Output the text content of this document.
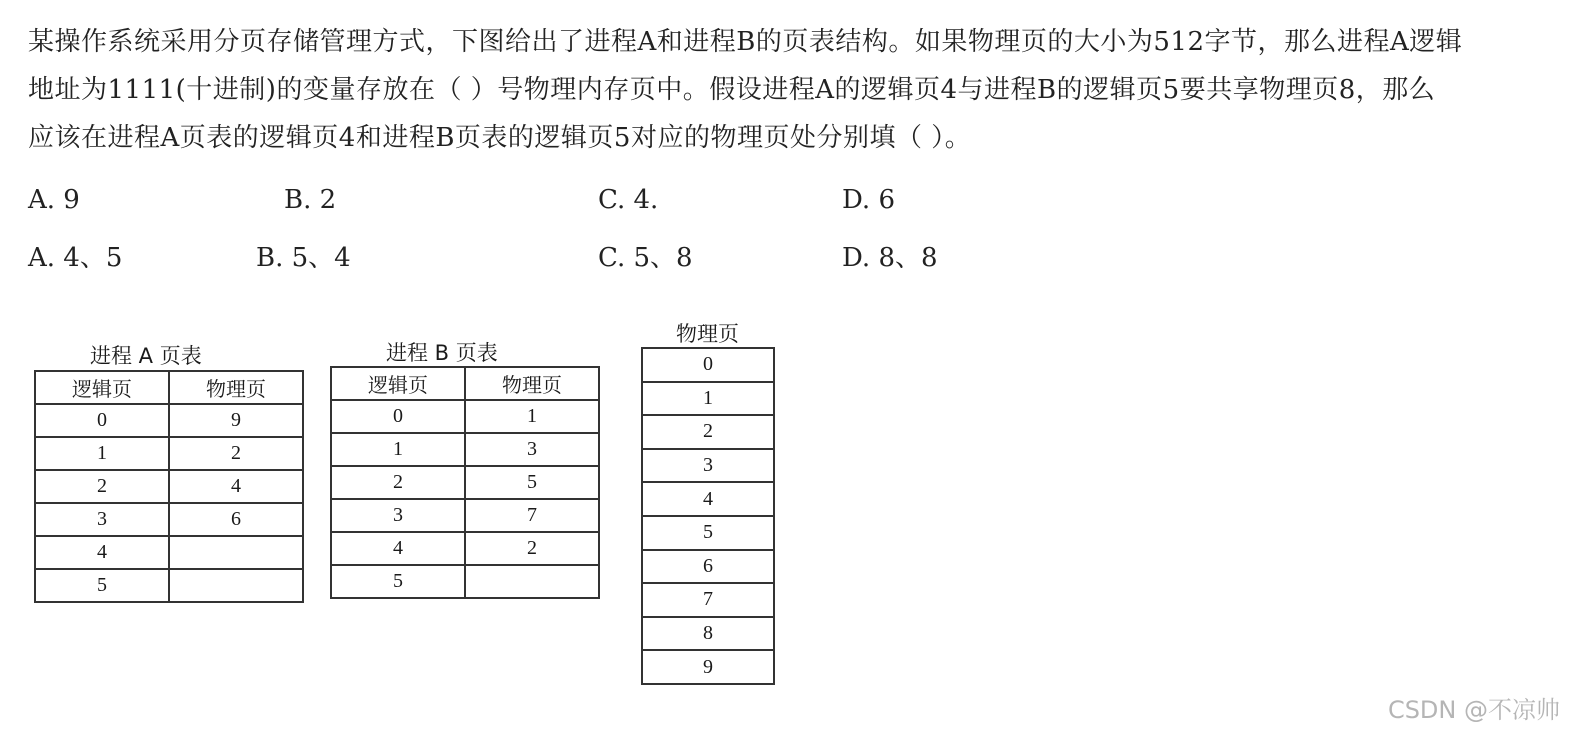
某操作系统采用分页存储管理方式，下图给出了进程A和进程B的页表结构。如果物理页的大小为512字节，那么进程A逻辑
地址为1111(十进制)的变量存放在（ ）号物理内存页中。假设进程A的逻辑页4与进程B的逻辑页5要共享物理页8，那么
应该在进程A页表的逻辑页4和进程B页表的逻辑页5对应的物理页处分别填（ ）。
A. 9	B. 2	C. 4.	D. 6
A. 4、5	B. 5、4	C. 5、8	D. 8、8
进程 A 页表
逻辑页	物理页
0	9
1	2
2	4
3	6
4	
5	
进程 B 页表
逻辑页	物理页
0	1
1	3
2	5
3	7
4	2
5	
物理页
0
1
2
3
4
5
6
7
8
9
CSDN @不凉帅
